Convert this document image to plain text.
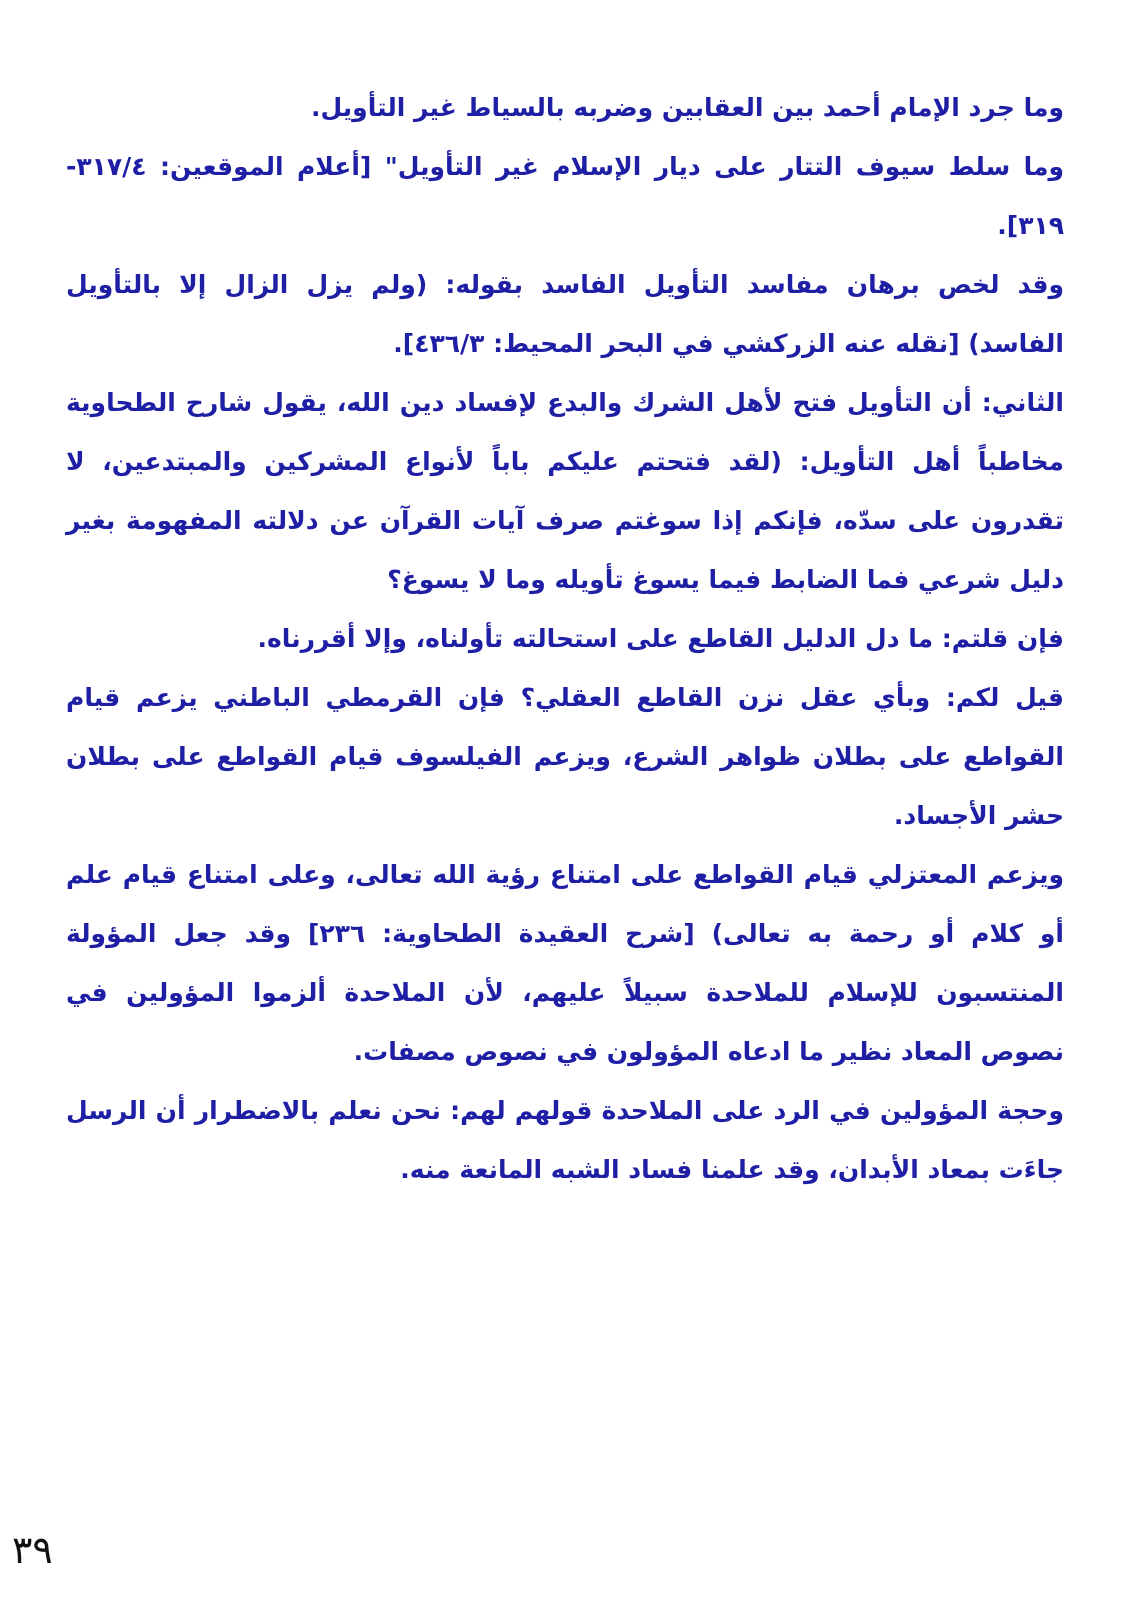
وما جرد الإمام أحمد بين العقابين وضربه بالسياط غير التأويل.

وما سلط سيوف التتار على ديار الإسلام غير التأويل" [أعلام الموقعين: ٣١٧/٤- ٣١٩].

وقد لخص برهان مفاسد التأويل الفاسد بقوله: (ولم يزل الزال إلا بالتأويل الفاسد) [نقله عنه الزركشي في البحر المحيط: ٤٣٦/٣].

الثاني: أن التأويل فتح لأهل الشرك والبدع لإفساد دين الله، يقول شارح الطحاوية مخاطباً أهل التأويل: (لقد فتحتم عليكم باباً لأنواع المشركين والمبتدعين، لا تقدرون على سدّه، فإنكم إذا سوغتم صرف آيات القرآن عن دلالته المفهومة بغير دليل شرعي فما الضابط فيما يسوغ تأويله وما لا يسوغ؟

فإن قلتم: ما دل الدليل القاطع على استحالته تأولناه، وإلا أقررناه.

قيل لكم: وبأي عقل نزن القاطع العقلي؟ فإن القرمطي الباطني يزعم قيام القواطع على بطلان ظواهر الشرع، ويزعم الفيلسوف قيام القواطع على بطلان حشر الأجساد.

ويزعم المعتزلي قيام القواطع على امتناع رؤية الله تعالى، وعلى امتناع قيام علم أو كلام أو رحمة به تعالى) [شرح العقيدة الطحاوية: ٢٣٦] وقد جعل المؤولة المنتسبون للإسلام للملاحدة سبيلاً عليهم، لأن الملاحدة ألزموا المؤولين في نصوص المعاد نظير ما ادعاه المؤولون في نصوص مصفات.

وحجة المؤولين في الرد على الملاحدة قولهم لهم: نحن نعلم بالاضطرار أن الرسل جاءَت بمعاد الأبدان، وقد علمنا فساد الشبه المانعة منه.

٣٩
